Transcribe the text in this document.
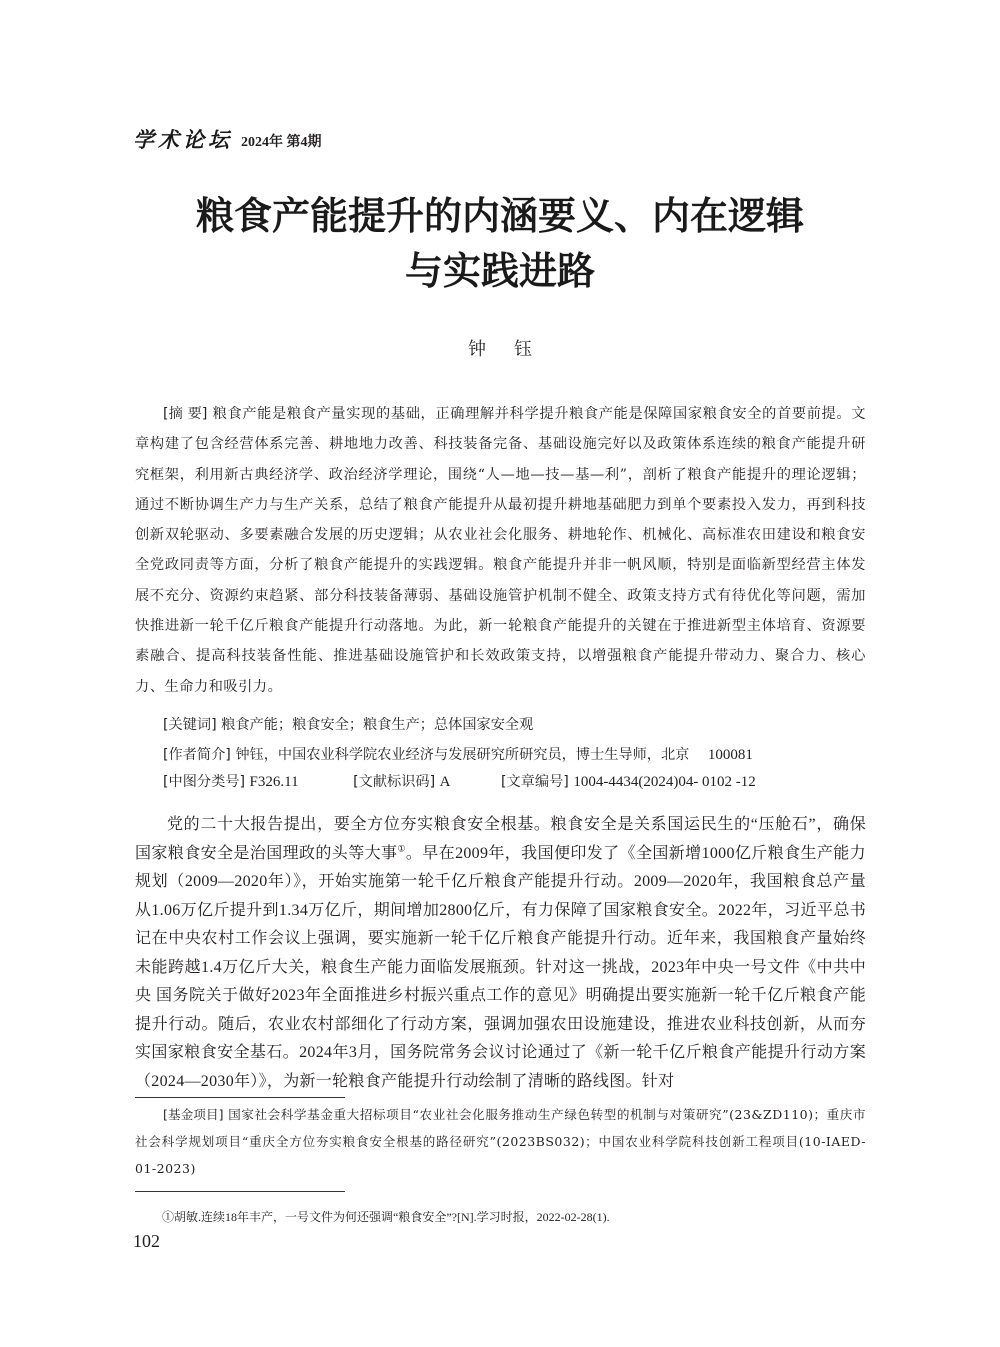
学术论坛 2024年 第4期
粮食产能提升的内涵要义、内在逻辑
与实践进路
钟钰
[摘 要] 粮食产能是粮食产量实现的基础，正确理解并科学提升粮食产能是保障国家粮食安全的首要前提。文章构建了包含经营体系完善、耕地地力改善、科技装备完备、基础设施完好以及政策体系连续的粮食产能提升研究框架，利用新古典经济学、政治经济学理论，围绕“人—地—技—基—利”，剖析了粮食产能提升的理论逻辑；通过不断协调生产力与生产关系，总结了粮食产能提升从最初提升耕地基础肥力到单个要素投入发力，再到科技创新双轮驱动、多要素融合发展的历史逻辑；从农业社会化服务、耕地轮作、机械化、高标准农田建设和粮食安全党政同责等方面，分析了粮食产能提升的实践逻辑。粮食产能提升并非一帆风顺，特别是面临新型经营主体发展不充分、资源约束趋紧、部分科技装备薄弱、基础设施管护机制不健全、政策支持方式有待优化等问题，需加快推进新一轮千亿斤粮食产能提升行动落地。为此，新一轮粮食产能提升的关键在于推进新型主体培育、资源要素融合、提高科技装备性能、推进基础设施管护和长效政策支持，以增强粮食产能提升带动力、聚合力、核心力、生命力和吸引力。
[关键词] 粮食产能；粮食安全；粮食生产；总体国家安全观
[作者简介] 钟钰，中国农业科学院农业经济与发展研究所研究员，博士生导师，北京 100081
[中图分类号] F326.11	[文献标识码] A	[文章编号] 1004-4434(2024)04- 0102 -12
党的二十大报告提出，要全方位夯实粮食安全根基。粮食安全是关系国运民生的“压舱石”，确保国家粮食安全是治国理政的头等大事①。早在2009年，我国便印发了《全国新增1000亿斤粮食生产能力规划（2009—2020年）》，开始实施第一轮千亿斤粮食产能提升行动。2009—2020年，我国粮食总产量从1.06万亿斤提升到1.34万亿斤，期间增加2800亿斤，有力保障了国家粮食安全。2022年，习近平总书记在中央农村工作会议上强调，要实施新一轮千亿斤粮食产能提升行动。近年来，我国粮食产量始终未能跨越1.4万亿斤大关，粮食生产能力面临发展瓶颈。针对这一挑战，2023年中央一号文件《中共中央 国务院关于做好2023年全面推进乡村振兴重点工作的意见》明确提出要实施新一轮千亿斤粮食产能提升行动。随后，农业农村部细化了行动方案，强调加强农田设施建设，推进农业科技创新，从而夯实国家粮食安全基石。2024年3月，国务院常务会议讨论通过了《新一轮千亿斤粮食产能提升行动方案（2024—2030年）》，为新一轮粮食产能提升行动绘制了清晰的路线图。针对
[基金项目] 国家社会科学基金重大招标项目“农业社会化服务推动生产绿色转型的机制与对策研究”(23&ZD110)；重庆市社会科学规划项目“重庆全方位夯实粮食安全根基的路径研究”(2023BS032)；中国农业科学院科技创新工程项目(10-IAED-01-2023)
①胡敏.连续18年丰产，一号文件为何还强调“粮食安全”?[N].学习时报，2022-02-28(1).
102
